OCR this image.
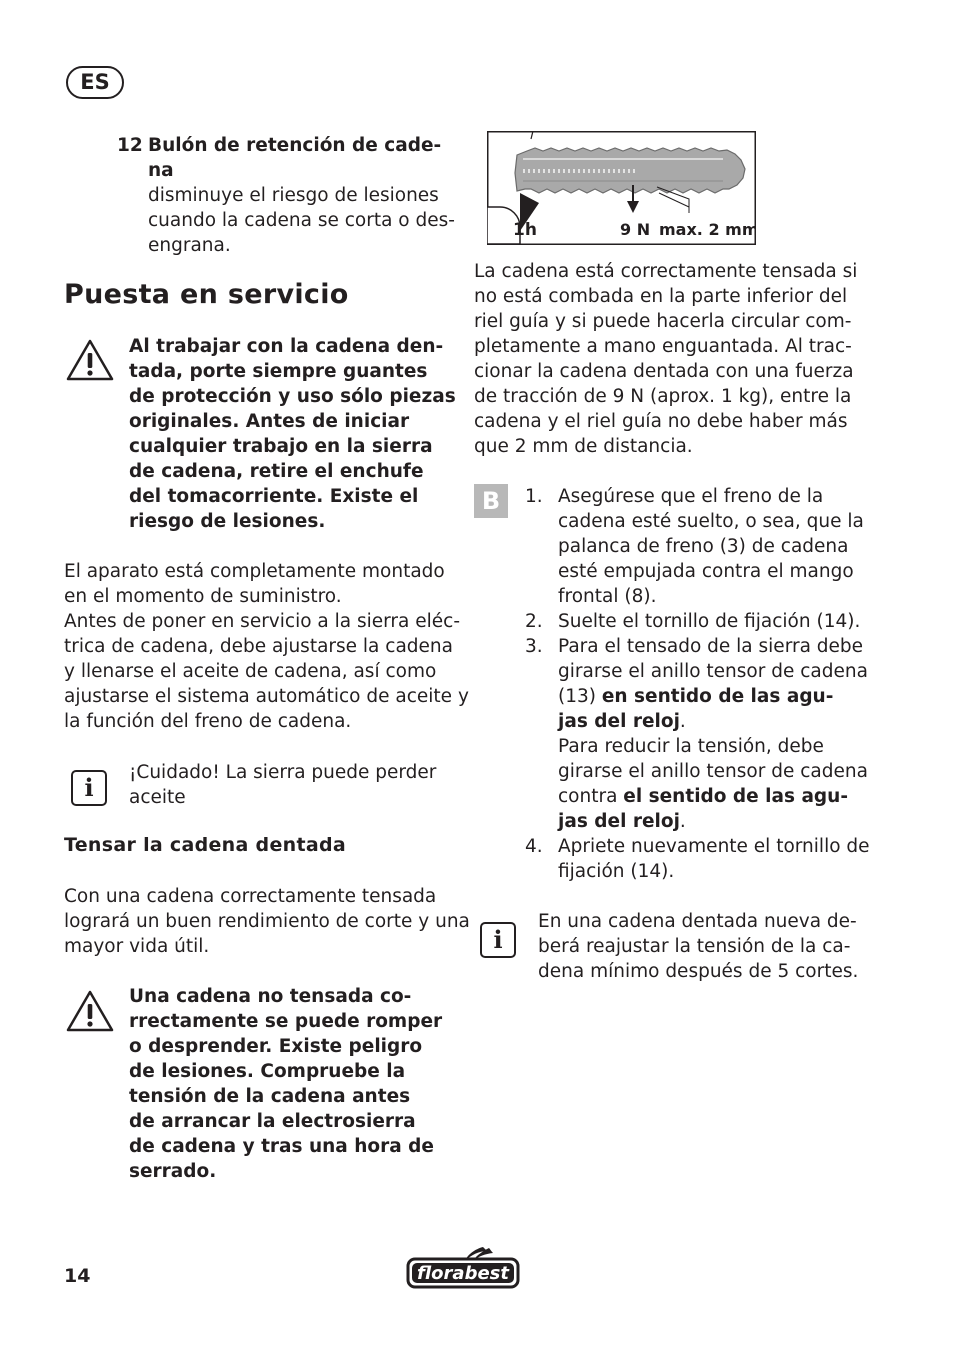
ES
12 Bulón de retención de cade-
na

disminuye el riesgo de lesiones

cuando la cadena se corta o des-

engrana.

Puesta en servicio

Al trabajar con la cadena den-

tada, porte siempre guantes

de protección y uso sólo piezas

originales. Antes de iniciar

cualquier trabajo en la sierra

de cadena, retire el enchufe

del tomacorriente. Existe el

riesgo de lesiones.

El aparato está completamente montado

en el momento de suministro.

Antes de poner en servicio a la sierra eléc-

trica de cadena, debe ajustarse la cadena

y llenarse el aceite de cadena, así como

ajustarse el sistema automático de aceite y

la función del freno de cadena.

i

¡Cuidado! La sierra puede perder

aceite

Tensar la cadena dentada

Con una cadena correctamente tensada

logrará un buen rendimiento de corte y una

mayor vida útil.

Una cadena no tensada co-

rrectamente se puede romper

o desprender. Existe peligro

de lesiones. Compruebe la

tensión de la cadena antes

de arrancar la electrosierra

de cadena y tras una hora de

serrado.

1h	9 N max. 2 mm

La cadena está correctamente tensada si

no está combada en la parte inferior del

riel guía y si puede hacerla circular com-

pletamente a mano enguantada. Al trac-

cionar la cadena dentada con una fuerza

de tracción de 9 N (aprox. 1 kg), entre la

cadena y el riel guía no debe haber más

que 2 mm de distancia.

B	1. Asegúrese que el freno de la

cadena esté suelto, o sea, que la

palanca de freno (3) de cadena

esté empujada contra el mango

frontal (8).

2. Suelte el tornillo de fijación (14).

3. Para el tensado de la sierra debe

girarse el anillo tensor de cadena

(13) en sentido de las agu-

jas del reloj.

Para reducir la tensión, debe

girarse el anillo tensor de cadena

contra el sentido de las agu-

jas del reloj.

4. Apriete nuevamente el tornillo de

fijación (14).

i

En una cadena dentada nueva de-

berá reajustar la tensión de la ca-

dena mínimo después de 5 cortes.

14	florabest
